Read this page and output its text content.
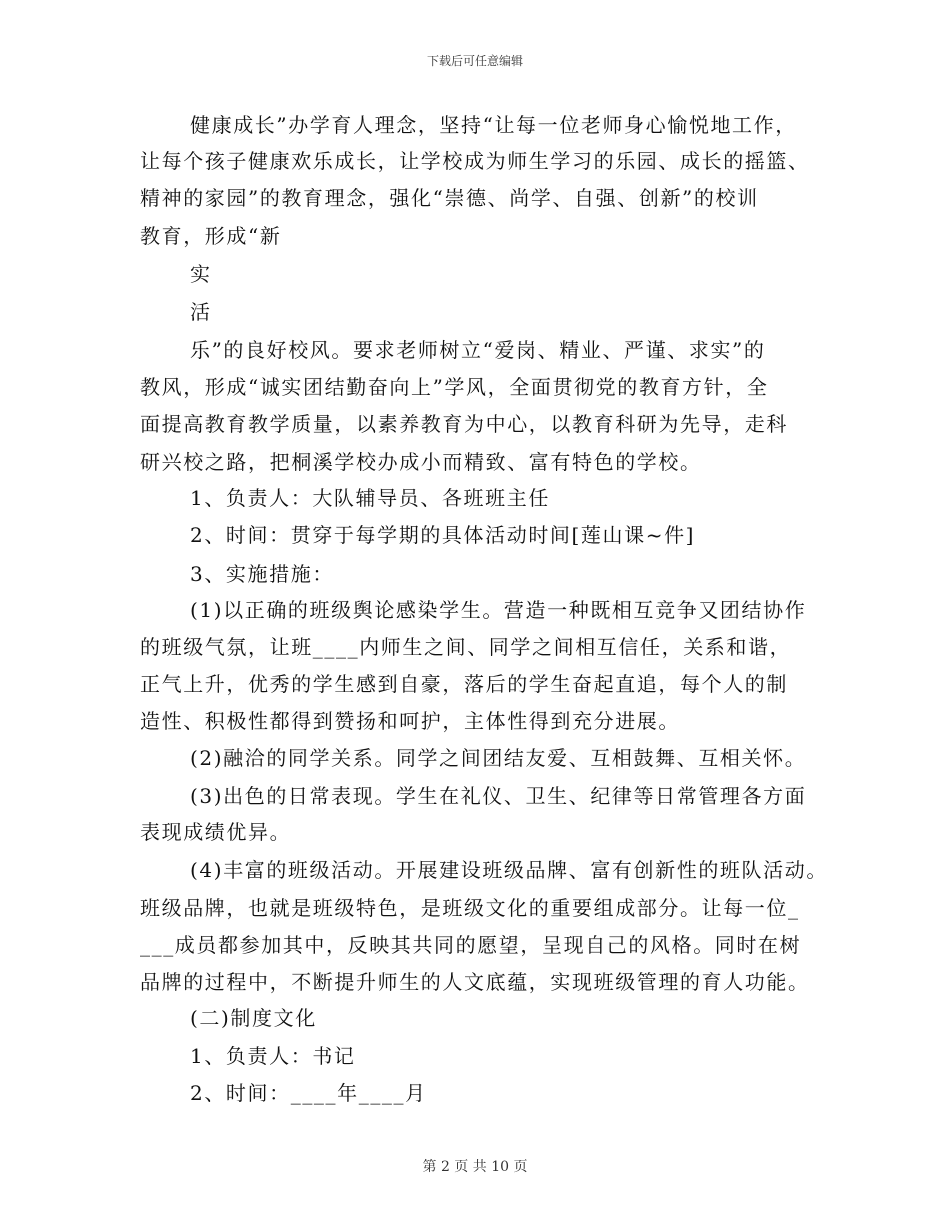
下载后可任意编辑
健康成长”办学育人理念，坚持“让每一位老师身心愉悦地工作，
让每个孩子健康欢乐成长，让学校成为师生学习的乐园、成长的摇篮、
精神的家园”的教育理念，强化“崇德、尚学、自强、创新”的校训
教育，形成“新
实
活
乐”的良好校风。要求老师树立“爱岗、精业、严谨、求实”的
教风，形成“诚实团结勤奋向上”学风，全面贯彻党的教育方针，全
面提高教育教学质量，以素养教育为中心，以教育科研为先导，走科
研兴校之路，把桐溪学校办成小而精致、富有特色的学校。
1、负责人：大队辅导员、各班班主任
2、时间：贯穿于每学期的具体活动时间[莲山课~件]
3、实施措施：
(1)以正确的班级舆论感染学生。营造一种既相互竞争又团结协作
的班级气氛，让班____内师生之间、同学之间相互信任，关系和谐，
正气上升，优秀的学生感到自豪，落后的学生奋起直追，每个人的制
造性、积极性都得到赞扬和呵护，主体性得到充分进展。
(2)融洽的同学关系。同学之间团结友爱、互相鼓舞、互相关怀。
(3)出色的日常表现。学生在礼仪、卫生、纪律等日常管理各方面
表现成绩优异。
(4)丰富的班级活动。开展建设班级品牌、富有创新性的班队活动。
班级品牌，也就是班级特色，是班级文化的重要组成部分。让每一位_
___成员都参加其中，反映其共同的愿望，呈现自己的风格。同时在树
品牌的过程中，不断提升师生的人文底蕴，实现班级管理的育人功能。
(二)制度文化
1、负责人：书记
2、时间：____年____月
第 2 页 共 10 页
